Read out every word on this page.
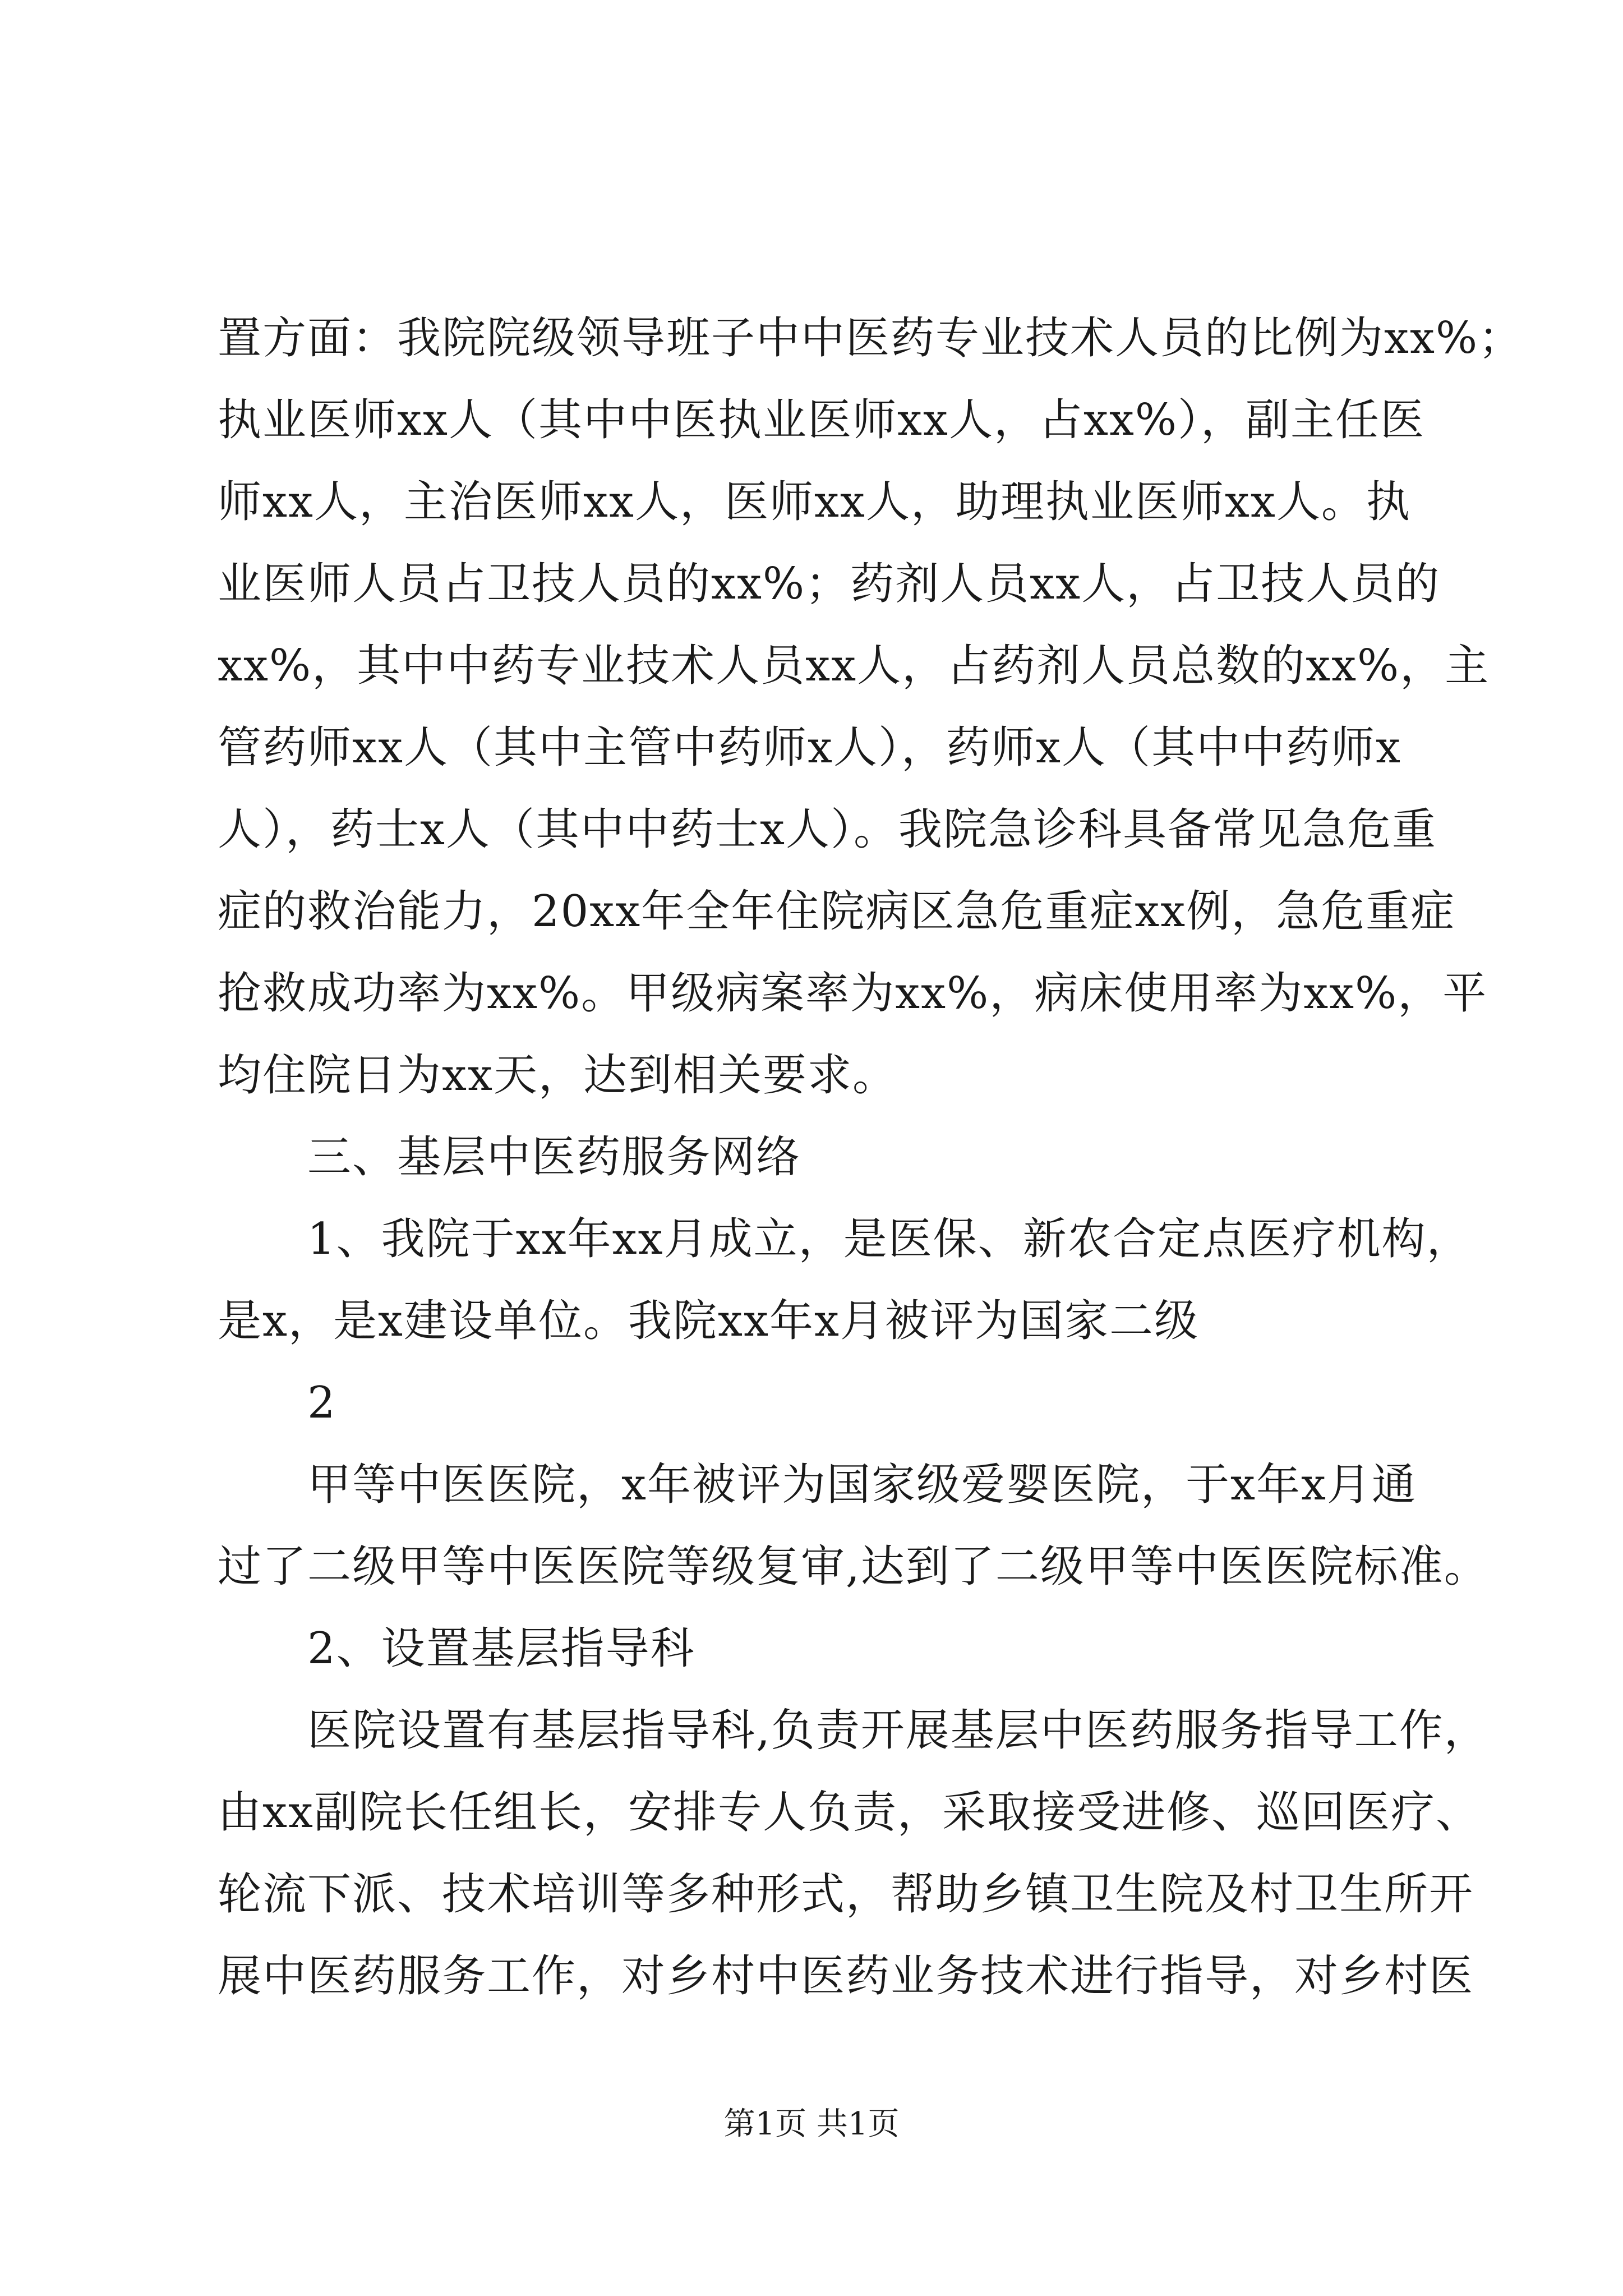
置方面：我院院级领导班子中中医药专业技术人员的比例为xx%；
执业医师xx人（其中中医执业医师xx人，占xx%），副主任医
师xx人，主治医师xx人，医师xx人，助理执业医师xx人。执
业医师人员占卫技人员的xx%；药剂人员xx人，占卫技人员的
xx%，其中中药专业技术人员xx人，占药剂人员总数的xx%，主
管药师xx人（其中主管中药师x人），药师x人（其中中药师x
人），药士x人（其中中药士x人）。我院急诊科具备常见急危重
症的救治能力，20xx年全年住院病区急危重症xx例，急危重症
抢救成功率为xx%。甲级病案率为xx%，病床使用率为xx%，平
均住院日为xx天，达到相关要求。
三、基层中医药服务网络
1、我院于xx年xx月成立，是医保、新农合定点医疗机构，
是x，是x建设单位。我院xx年x月被评为国家二级
2
甲等中医医院，x年被评为国家级爱婴医院，于x年x月通
过了二级甲等中医医院等级复审,达到了二级甲等中医医院标准。
2、设置基层指导科
医院设置有基层指导科,负责开展基层中医药服务指导工作，
由xx副院长任组长，安排专人负责，采取接受进修、巡回医疗、
轮流下派、技术培训等多种形式，帮助乡镇卫生院及村卫生所开
展中医药服务工作，对乡村中医药业务技术进行指导，对乡村医
第1页 共1页
